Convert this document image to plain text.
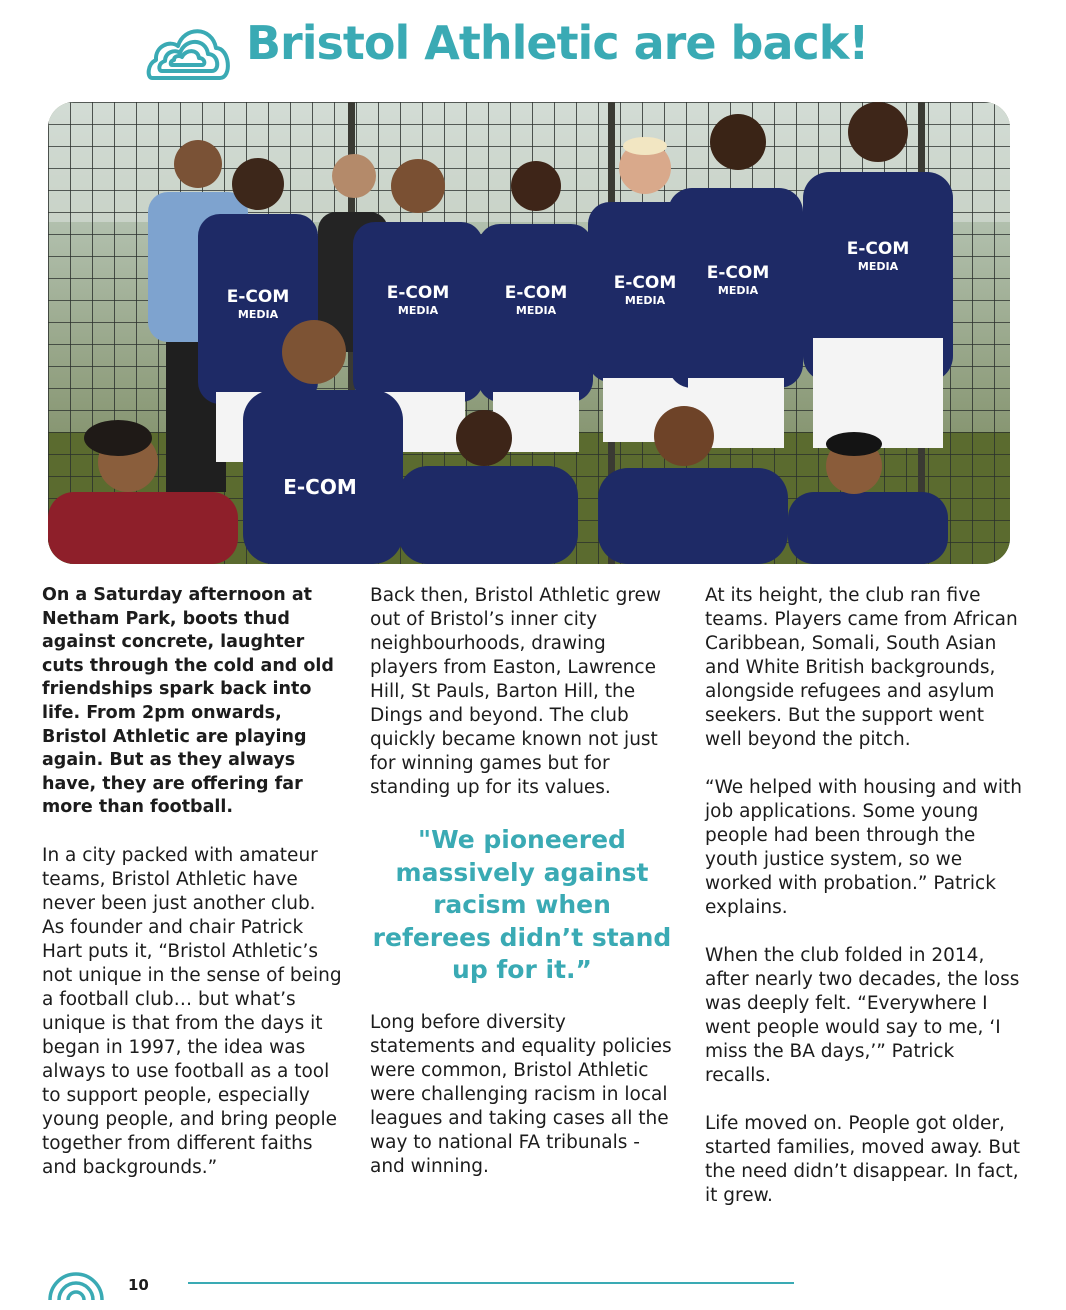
Bristol Athletic are back!
E-COM	E-COM	E-COM	E-COM E-COM
E-COM
MEDIA	MEDIA	MEDIA
MEDIA
MEDIA
MEDIA
E-COM

On a Saturday afternoon at Netham Park, boots thud against concrete, laughter cuts through the cold and old friendships spark back into life. From 2pm onwards, Bristol Athletic are playing again. But as they always have, they are offering far more than football.

In a city packed with amateur teams, Bristol Athletic have never been just another club. As founder and chair Patrick Hart puts it, “Bristol Athletic’s not unique in the sense of being a football club… but what’s unique is that from the days it began in 1997, the idea was always to use football as a tool to support people, especially young people, and bring people together from different faiths and backgrounds.”

Back then, Bristol Athletic grew out of Bristol’s inner city neighbourhoods, drawing players from Easton, Lawrence Hill, St Pauls, Barton Hill, the Dings and beyond. The club quickly became known not just for winning games but for standing up for its values.

"We pioneered massively against racism when referees didn’t stand up for it.”

Long before diversity statements and equality policies were common, Bristol Athletic were challenging racism in local leagues and taking cases all the way to national FA tribunals - and winning.

At its height, the club ran five teams. Players came from African Caribbean, Somali, South Asian and White British backgrounds, alongside refugees and asylum seekers. But the support went well beyond the pitch.

“We helped with housing and with job applications. Some young people had been through the youth justice system, so we worked with probation.” Patrick explains.

When the club folded in 2014, after nearly two decades, the loss was deeply felt. “Everywhere I went people would say to me, ‘I miss the BA days,’” Patrick recalls.

Life moved on. People got older, started families, moved away. But the need didn’t disappear. In fact, it grew.

10
